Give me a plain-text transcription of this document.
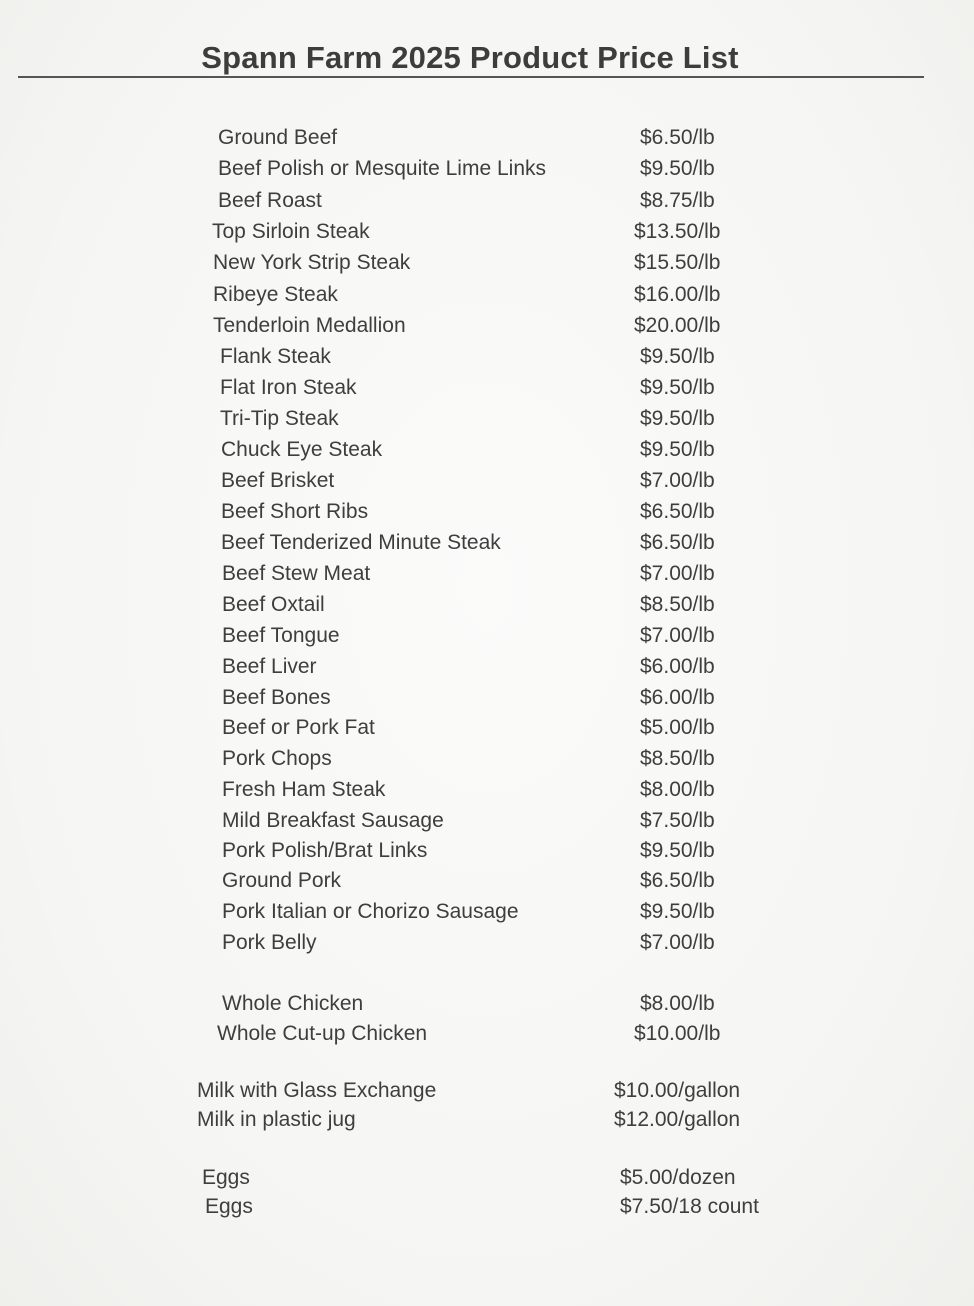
Spann Farm 2025 Product Price List
Ground Beef	$6.50/lb
Beef Polish or Mesquite Lime Links	$9.50/lb
Beef Roast	$8.75/lb
Top Sirloin Steak	$13.50/lb
New York Strip Steak	$15.50/lb
Ribeye Steak	$16.00/lb
Tenderloin Medallion	$20.00/lb
Flank Steak	$9.50/lb
Flat Iron Steak	$9.50/lb
Tri-Tip Steak	$9.50/lb
Chuck Eye Steak	$9.50/lb
Beef Brisket	$7.00/lb
Beef Short Ribs	$6.50/lb
Beef Tenderized Minute Steak	$6.50/lb
Beef Stew Meat	$7.00/lb
Beef Oxtail	$8.50/lb
Beef Tongue	$7.00/lb
Beef Liver	$6.00/lb
Beef Bones	$6.00/lb
Beef or Pork Fat	$5.00/lb
Pork Chops	$8.50/lb
Fresh Ham Steak	$8.00/lb
Mild Breakfast Sausage	$7.50/lb
Pork Polish/Brat Links	$9.50/lb
Ground Pork	$6.50/lb
Pork Italian or Chorizo Sausage	$9.50/lb
Pork Belly	$7.00/lb
Whole Chicken	$8.00/lb
Whole Cut-up Chicken	$10.00/lb
Milk with Glass Exchange	$10.00/gallon
Milk in plastic jug	$12.00/gallon
Eggs	$5.00/dozen
Eggs	$7.50/18 count
